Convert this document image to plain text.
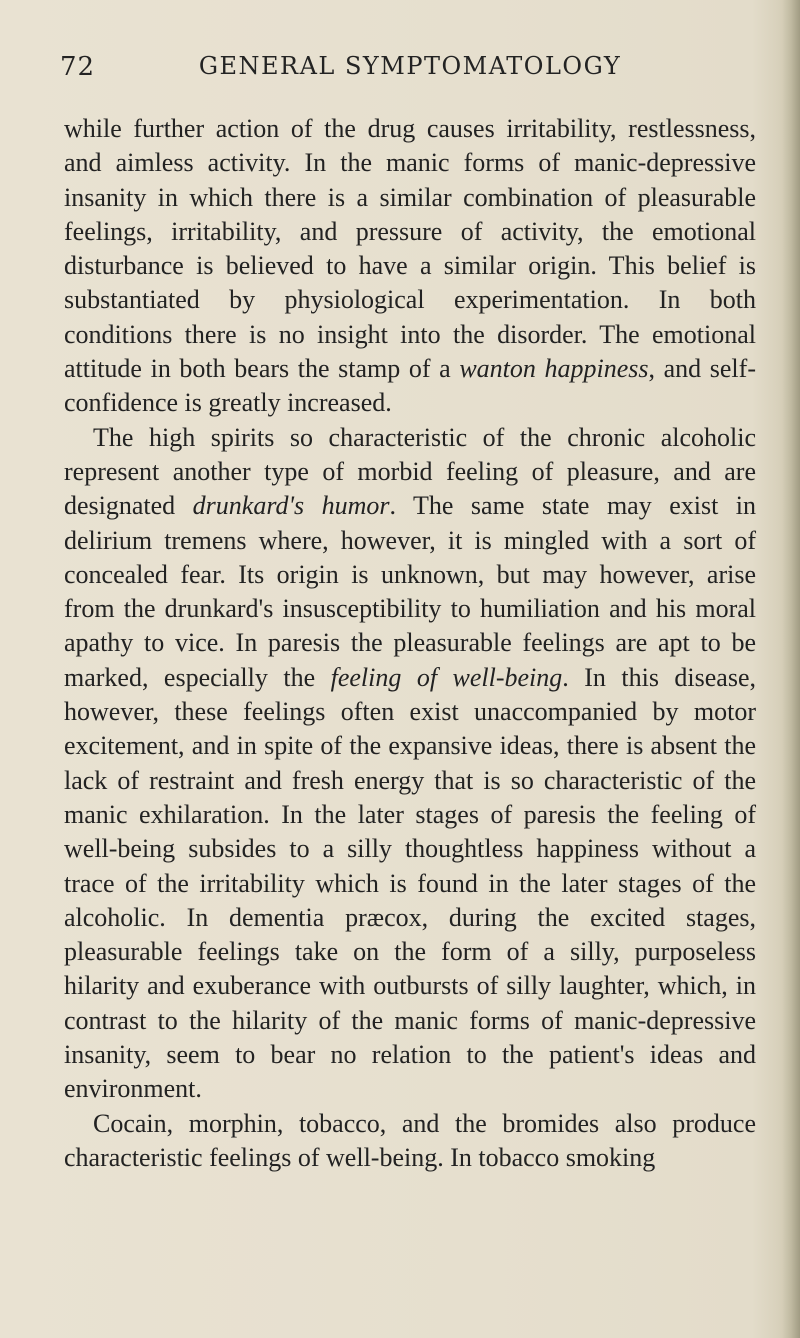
72	GENERAL SYMPTOMATOLOGY

while further action of the drug causes irritability, restlessness, and aimless activity. In the manic forms of manic-depressive insanity in which there is a similar combination of pleasurable feelings, irritability, and pressure of activity, the emotional disturbance is believed to have a similar origin. This belief is substantiated by physiological experimentation. In both conditions there is no insight into the disorder. The emotional attitude in both bears the stamp of a wanton happiness, and self-confidence is greatly increased.

The high spirits so characteristic of the chronic alcoholic represent another type of morbid feeling of pleasure, and are designated drunkard's humor. The same state may exist in delirium tremens where, however, it is mingled with a sort of concealed fear. Its origin is unknown, but may however, arise from the drunkard's insusceptibility to humiliation and his moral apathy to vice. In paresis the pleasurable feelings are apt to be marked, especially the feeling of well-being. In this disease, however, these feelings often exist unaccompanied by motor excitement, and in spite of the expansive ideas, there is absent the lack of restraint and fresh energy that is so characteristic of the manic exhilaration. In the later stages of paresis the feeling of well-being subsides to a silly thoughtless happiness without a trace of the irritability which is found in the later stages of the alcoholic. In dementia præcox, during the excited stages, pleasurable feelings take on the form of a silly, purposeless hilarity and exuberance with outbursts of silly laughter, which, in contrast to the hilarity of the manic forms of manic-depressive insanity, seem to bear no relation to the patient's ideas and environment.

Cocain, morphin, tobacco, and the bromides also produce characteristic feelings of well-being. In tobacco smoking
